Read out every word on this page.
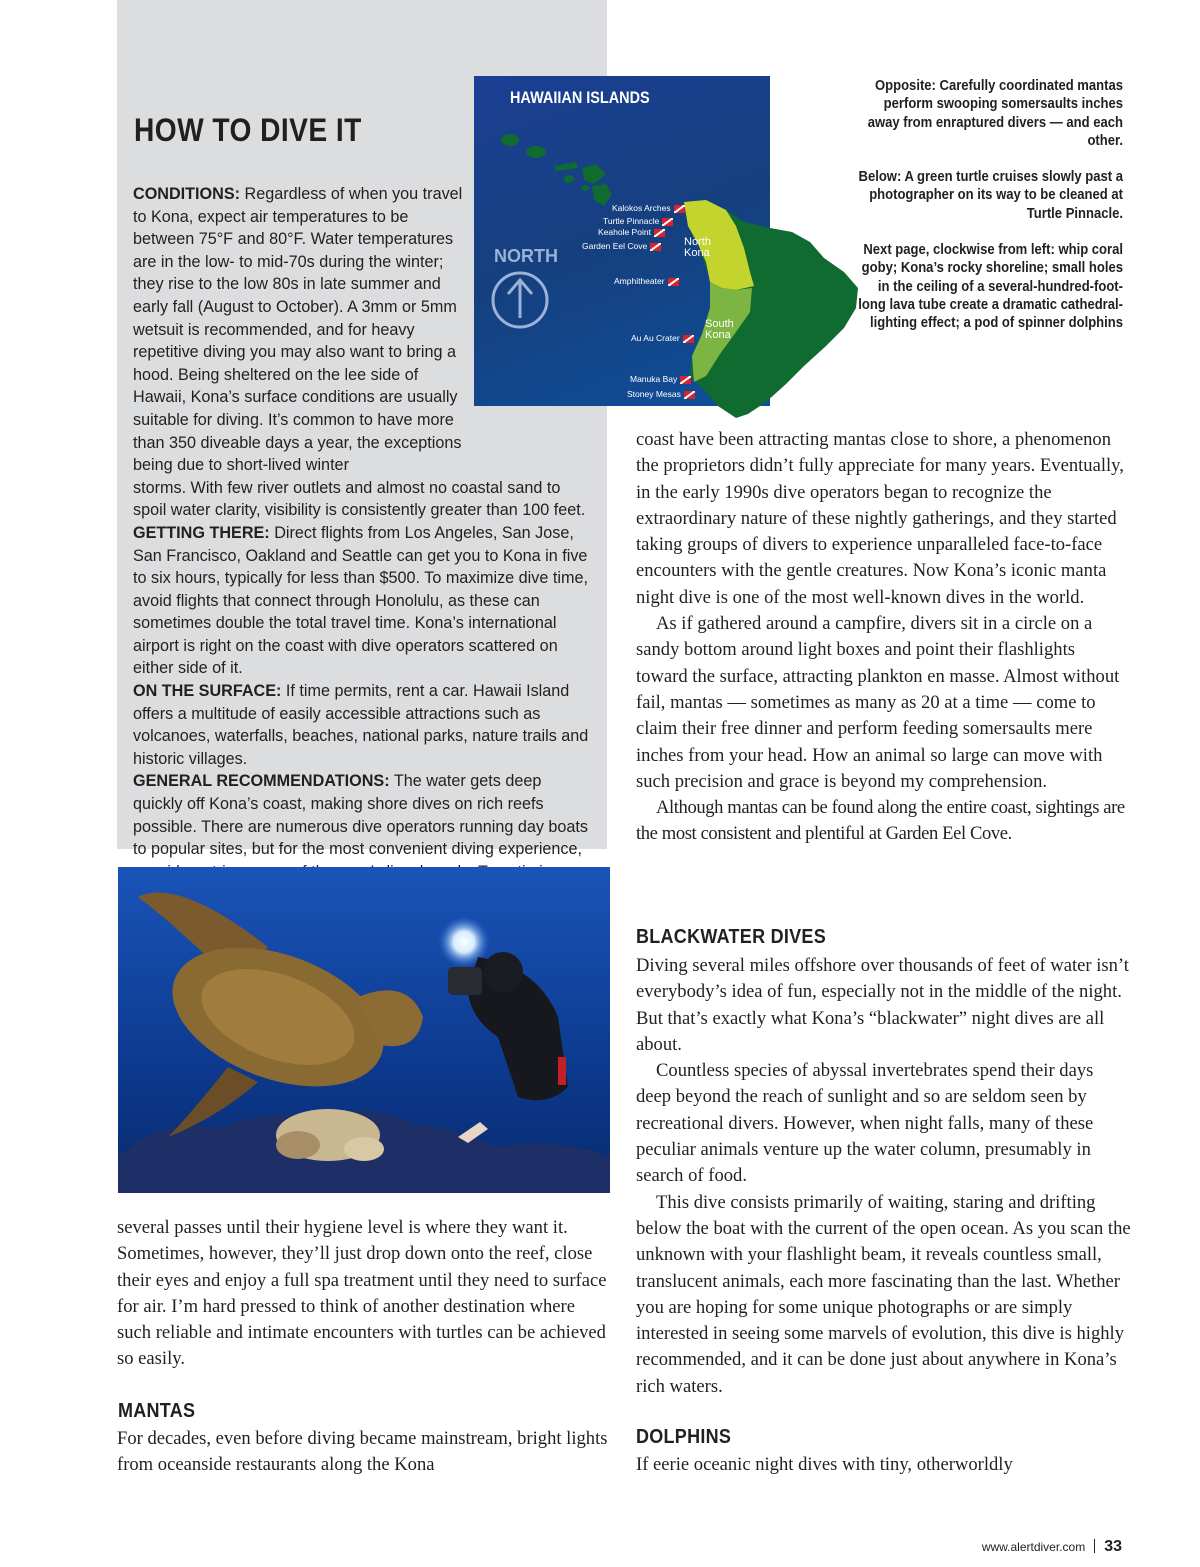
HOW TO DIVE IT

CONDITIONS: Regardless of when you travel to Kona, expect air temperatures to be between 75°F and 80°F. Water temperatures are in the low- to mid-70s during the winter; they rise to the low 80s in late summer and early fall (August to October). A 3mm or 5mm wetsuit is recommended, and for heavy repetitive diving you may also want to bring a hood. Being sheltered on the lee side of Hawaii, Kona’s surface conditions are usually suitable for diving. It’s common to have more than 350 diveable days a year, the exceptions being due to short-lived winter

storms. With few river outlets and almost no coastal sand to spoil water clarity, visibility is consistently greater than 100 feet.

GETTING THERE: Direct flights from Los Angeles, San Jose, San Francisco, Oakland and Seattle can get you to Kona in five to six hours, typically for less than $500. To maximize dive time, avoid flights that connect through Honolulu, as these can sometimes double the total travel time. Kona’s international airport is right on the coast with dive operators scattered on either side of it.

ON THE SURFACE: If time permits, rent a car. Hawaii Island offers a multitude of easily accessible attractions such as volcanoes, waterfalls, beaches, national parks, nature trails and historic villages.

GENERAL RECOMMENDATIONS: The water gets deep quickly off Kona’s coast, making shore dives on rich reefs possible. There are numerous dive operators running day boats to popular sites, but for the most convenient diving experience,

HAWAIIAN ISLANDS
NORTH
Kalokos Arches
Turtle Pinnacle
Keahole Point
Garden Eel Cove
Amphitheater
Au Au Crater
Manuka Bay
Stoney Mesas
North
Kona
South
Kona

Opposite: Carefully coordinated mantas perform swooping somersaults inches away from enraptured divers — and each other.

Below: A green turtle cruises slowly past a photographer on its way to be cleaned at Turtle Pinnacle.

Next page, clockwise from left: whip coral goby; Kona’s rocky shoreline; small holes in the ceiling of a several-hundred-foot-long lava tube create a dramatic cathedral-lighting effect; a pod of spinner dolphins

several passes until their hygiene level is where they want it. Sometimes, however, they’ll just drop down onto the reef, close their eyes and enjoy a full spa treatment until they need to surface for air. I’m hard pressed to think of another destination where such reliable and intimate encounters with turtles can be achieved so easily.
MANTAS
For decades, even before diving became mainstream, bright lights from oceanside restaurants along the Kona

coast have been attracting mantas close to shore, a phenomenon the proprietors didn’t fully appreciate for many years. Eventually, in the early 1990s dive operators began to recognize the extraordinary nature of these nightly gatherings, and they started taking groups of divers to experience unparalleled face-to-face encounters with the gentle creatures. Now Kona’s iconic manta night dive is one of the most well-known dives in the world.

As if gathered around a campfire, divers sit in a circle on a sandy bottom around light boxes and point their flashlights toward the surface, attracting plankton en masse. Almost without fail, mantas — sometimes as many as 20 at a time — come to claim their free dinner and perform feeding somersaults mere inches from your head. How an animal so large can move with such precision and grace is beyond my comprehension.

Although mantas can be found along the entire coast, sightings are the most consistent and plentiful at Garden Eel Cove.

BLACKWATER DIVES

Diving several miles offshore over thousands of feet of water isn’t everybody’s idea of fun, especially not in the middle of the night. But that’s exactly what Kona’s “blackwater” night dives are all about.

Countless species of abyssal invertebrates spend their days deep beyond the reach of sunlight and so are seldom seen by recreational divers. However, when night falls, many of these peculiar animals venture up the water column, presumably in search of food.

This dive consists primarily of waiting, staring and drifting below the boat with the current of the open ocean. As you scan the unknown with your flashlight beam, it reveals countless small, translucent animals, each more fascinating than the last. Whether you are hoping for some unique photographs or are simply interested in seeing some marvels of evolution, this dive is highly recommended, and it can be done just about anywhere in Kona’s rich waters.

DOLPHINS
If eerie oceanic night dives with tiny, otherworldly
www.alertdiver.com 33
